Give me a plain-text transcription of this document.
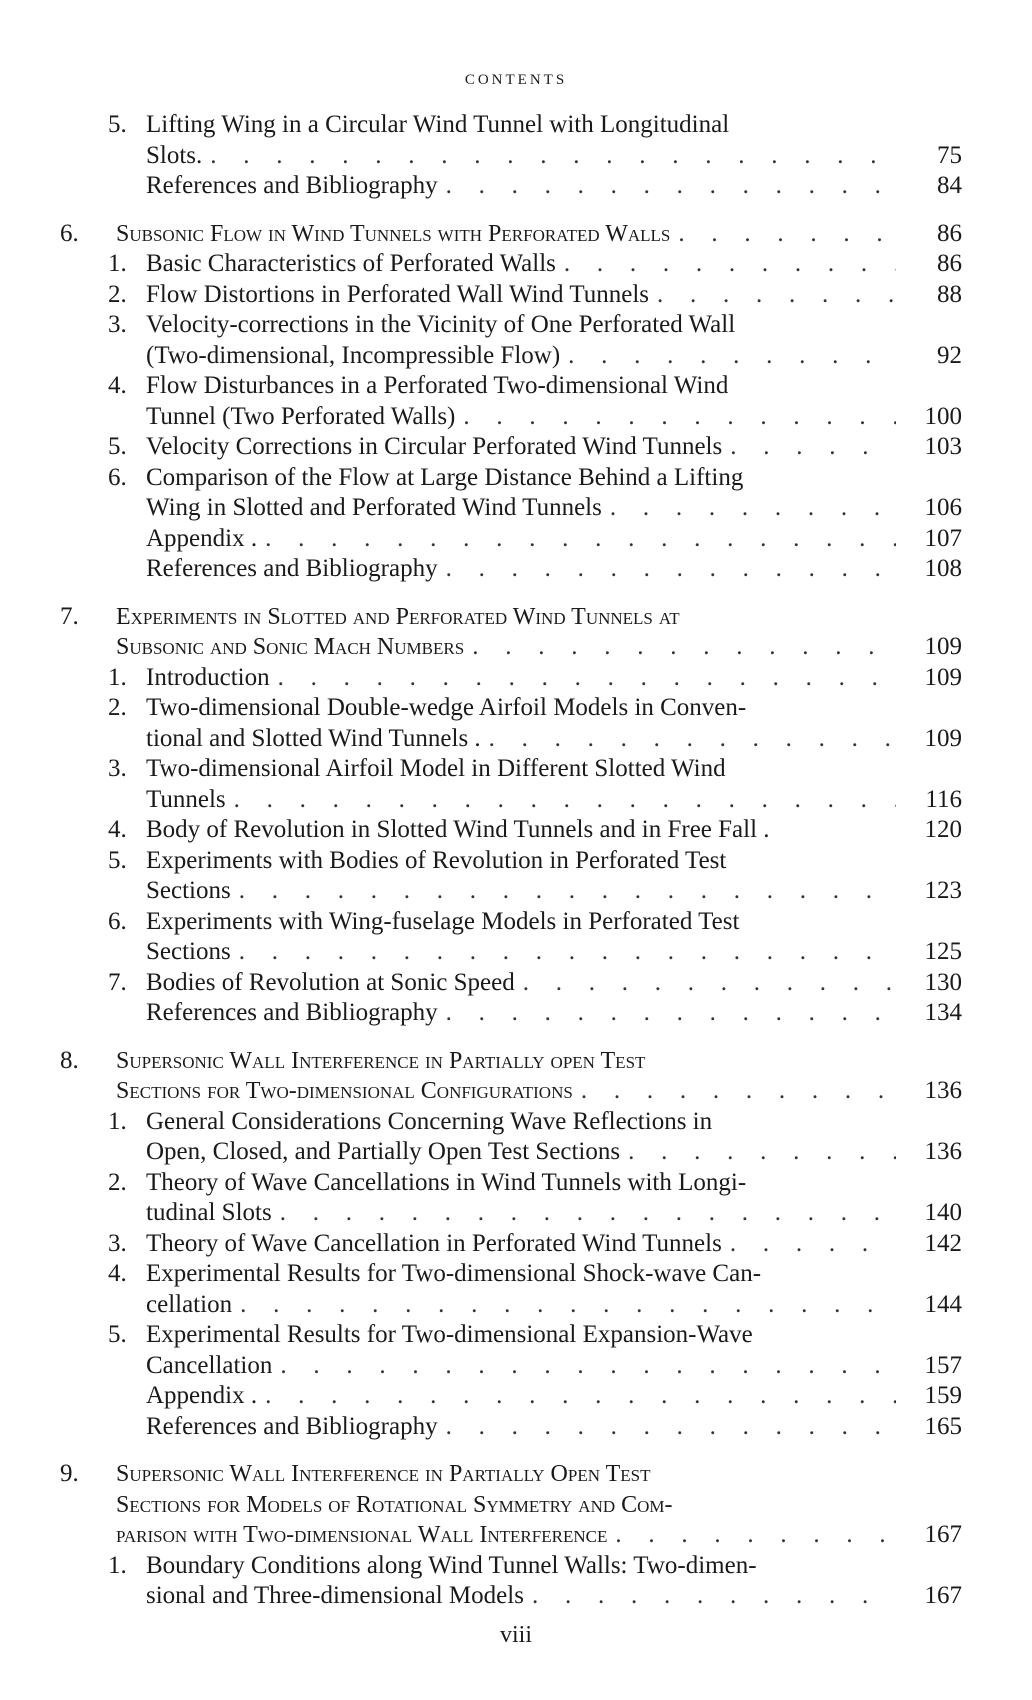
CONTENTS
5. Lifting Wing in a Circular Wind Tunnel with Longitudinal
Slots. . .	75
References and Bibliography . .	84
6.	Subsonic Flow in Wind Tunnels with Perforated Walls . .	86
1. Basic Characteristics of Perforated Walls . .	86
2. Flow Distortions in Perforated Wall Wind Tunnels . .	88
3. Velocity-corrections in the Vicinity of One Perforated Wall
(Two-dimensional, Incompressible Flow) . .	92
4. Flow Disturbances in a Perforated Two-dimensional Wind
Tunnel (Two Perforated Walls) . .	100
5. Velocity Corrections in Circular Perforated Wind Tunnels . .	103
6. Comparison of the Flow at Large Distance Behind a Lifting
Wing in Slotted and Perforated Wind Tunnels . .	106
Appendix . . .	107
References and Bibliography . .	108
7.	Experiments in Slotted and Perforated Wind Tunnels at
Subsonic and Sonic Mach Numbers . .	109
1. Introduction . .	109
2. Two-dimensional Double-wedge Airfoil Models in Conven-
tional and Slotted Wind Tunnels . . .	109
3. Two-dimensional Airfoil Model in Different Slotted Wind
Tunnels . .	116
4. Body of Revolution in Slotted Wind Tunnels and in Free Fall .	120
5. Experiments with Bodies of Revolution in Perforated Test
Sections . .	123
6. Experiments with Wing-fuselage Models in Perforated Test
Sections . .	125
7. Bodies of Revolution at Sonic Speed . .	130
References and Bibliography . .	134
8.	Supersonic Wall Interference in Partially open Test
Sections for Two-dimensional Configurations . .	136
1. General Considerations Concerning Wave Reflections in
Open, Closed, and Partially Open Test Sections . .	136
2. Theory of Wave Cancellations in Wind Tunnels with Longi-
tudinal Slots . .	140
3. Theory of Wave Cancellation in Perforated Wind Tunnels . .	142
4. Experimental Results for Two-dimensional Shock-wave Can-
cellation . .	144
5. Experimental Results for Two-dimensional Expansion-Wave
Cancellation . .	157
Appendix . . .	159
References and Bibliography . .	165
9.	Supersonic Wall Interference in Partially Open Test
Sections for Models of Rotational Symmetry and Com-
parison with Two-dimensional Wall Interference . .	167
1. Boundary Conditions along Wind Tunnel Walls: Two-dimen-
sional and Three-dimensional Models . .	167
viii
